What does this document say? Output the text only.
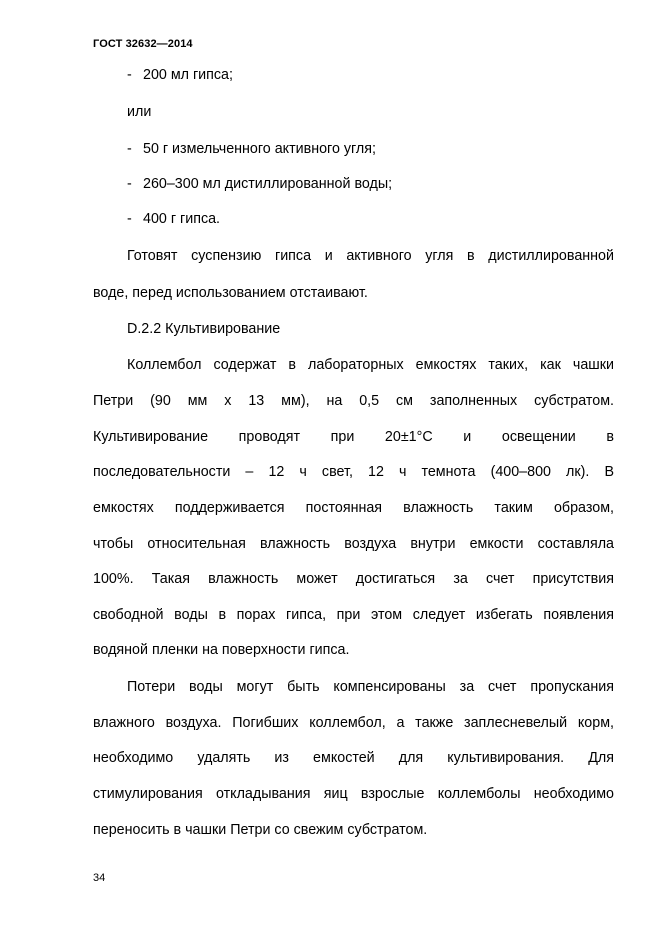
ГОСТ 32632—2014
- 200 мл гипса;
или
- 50 г измельченного активного угля;
- 260–300 мл дистиллированной воды;
- 400 г гипса.
Готовят суспензию гипса и активного угля в дистиллированной
воде, перед использованием отстаивают.
D.2.2 Культивирование
Коллембол содержат в лабораторных емкостях таких, как чашки
Петри (90 мм x 13 мм), на 0,5 см заполненных субстратом.
Культивирование проводят при 20±1°C и освещении в
последовательности – 12 ч свет, 12 ч темнота (400–800 лк). В
емкостях поддерживается постоянная влажность таким образом,
чтобы относительная влажность воздуха внутри емкости составляла
100%. Такая влажность может достигаться за счет присутствия
свободной воды в порах гипса, при этом следует избегать появления
водяной пленки на поверхности гипса.
Потери воды могут быть компенсированы за счет пропускания
влажного воздуха. Погибших коллембол, а также заплесневелый корм,
необходимо удалять из емкостей для культивирования. Для
стимулирования откладывания яиц взрослые коллемболы необходимо
переносить в чашки Петри со свежим субстратом.
34
